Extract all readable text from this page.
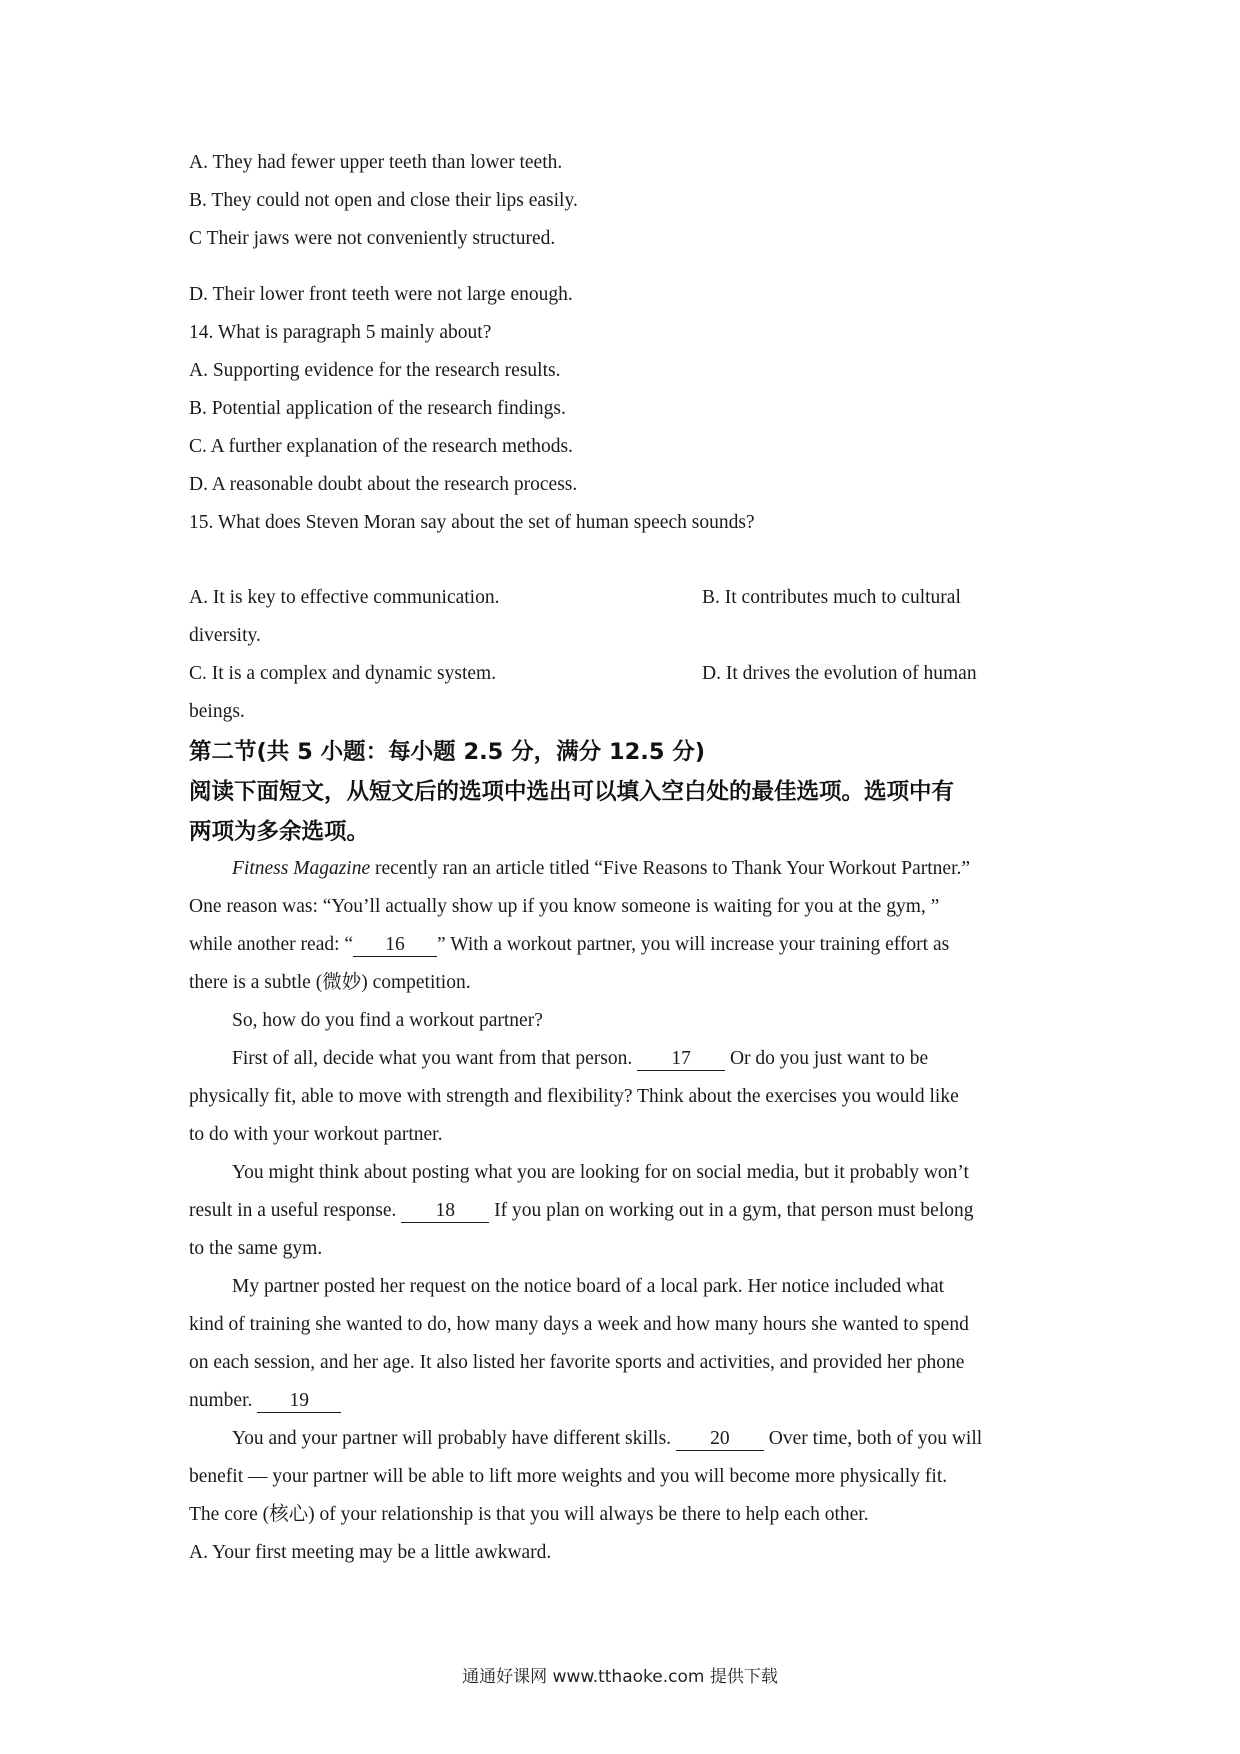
A. They had fewer upper teeth than lower teeth.
B. They could not open and close their lips easily.
C Their jaws were not conveniently structured.
D. Their lower front teeth were not large enough.
14. What is paragraph 5 mainly about?
A. Supporting evidence for the research results.
B. Potential application of the research findings.
C. A further explanation of the research methods.
D. A reasonable doubt about the research process.
15. What does Steven Moran say about the set of human speech sounds?
A. It is key to effective communication.	B. It contributes much to cultural
diversity.
C. It is a complex and dynamic system.	D. It drives the evolution of human
beings.
第二节(共 5 小题：每小题 2.5 分，满分 12.5 分)
阅读下面短文，从短文后的选项中选出可以填入空白处的最佳选项。选项中有
两项为多余选项。
Fitness Magazine recently ran an article titled “Five Reasons to Thank Your Workout Partner.”
One reason was: “You’ll actually show up if you know someone is waiting for you at the gym, ”
while another read: “ 16 ” With a workout partner, you will increase your training effort as
there is a subtle (微妙) competition.
So, how do you find a workout partner?
First of all, decide what you want from that person. 17 Or do you just want to be
physically fit, able to move with strength and flexibility? Think about the exercises you would like
to do with your workout partner.
You might think about posting what you are looking for on social media, but it probably won’t
result in a useful response. 18 If you plan on working out in a gym, that person must belong
to the same gym.
My partner posted her request on the notice board of a local park. Her notice included what
kind of training she wanted to do, how many days a week and how many hours she wanted to spend
on each session, and her age. It also listed her favorite sports and activities, and provided her phone
number. 19
You and your partner will probably have different skills. 20 Over time, both of you will
benefit — your partner will be able to lift more weights and you will become more physically fit.
The core (核心) of your relationship is that you will always be there to help each other.
A. Your first meeting may be a little awkward.
通通好课网 www.tthaoke.com 提供下载
